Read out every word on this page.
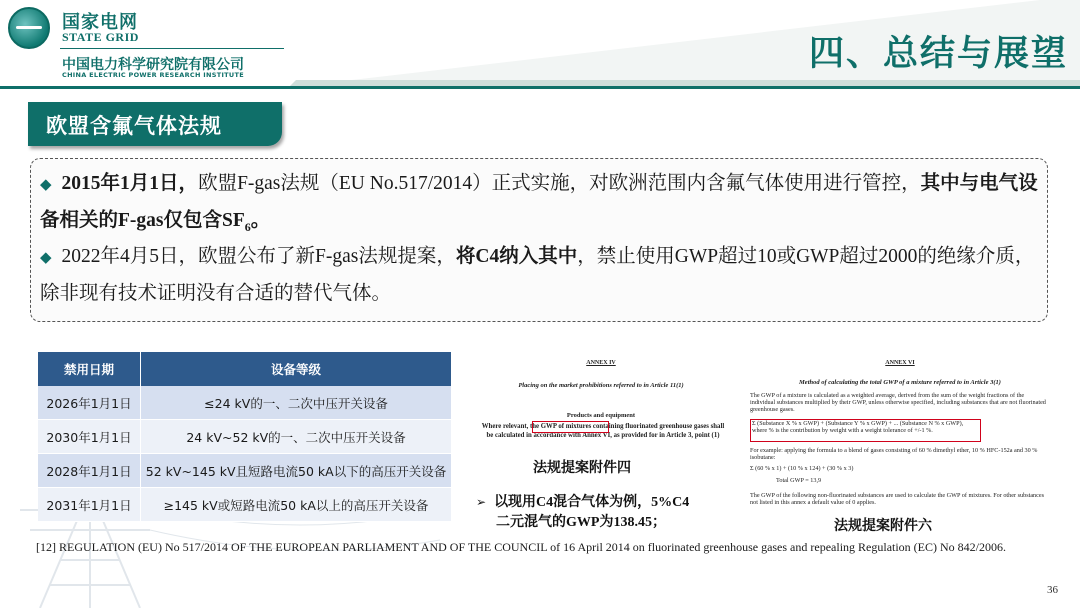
国家电网
STATE GRID
中国电力科学研究院有限公司
CHINA ELECTRIC POWER RESEARCH INSTITUTE
四、总结与展望
欧盟含氟气体法规
◆ 2015年1月1日，欧盟F-gas法规（EU No.517/2014）正式实施，对欧洲范围内含氟气体使用进行管控，其中与电气设备相关的F-gas仅包含$SF_6$。
◆ 2022年4月5日，欧盟公布了新F-gas法规提案，将C4纳入其中，禁止使用GWP超过10或GWP超过2000的绝缘介质，除非现有技术证明没有合适的替代气体。
禁用日期	设备等级
2026年1月1日	≤24 kV的一、二次中压开关设备
2030年1月1日	24 kV~52 kV的一、二次中压开关设备
2028年1月1日	52 kV~145 kV且短路电流50 kA以下的高压开关设备
2031年1月1日	≥145 kV或短路电流50 kA以上的高压开关设备
ANNEX IV
Placing on the market prohibitions referred to in Article 11(1)
Products and equipment
Where relevant, the GWP of mixtures containing fluorinated greenhouse gases shall be calculated in accordance with Annex VI, as provided for in Article 3, point (1)
法规提案附件四
➢ 以现用C4混合气体为例，5%C4
二元混气的GWP为138.45；
ANNEX VI
Method of calculating the total GWP of a mixture referred to in Article 3(1)
The GWP of a mixture is calculated as a weighted average, derived from the sum of the weight fractions of the individual substances multiplied by their GWP, unless otherwise specified, including substances that are not fluorinated greenhouse gases.
Σ (Substance X % x GWP) + (Substance Y % x GWP) + ... (Substance N % x GWP), where % is the contribution by weight with a weight tolerance of +/-1 %.
For example: applying the formula to a blend of gases consisting of 60 % dimethyl ether, 10 % HFC-152a and 30 % isobutane:
Σ (60 % x 1) + (10 % x 124) + (30 % x 3)
Total GWP = 13,9
The GWP of the following non-fluorinated substances are used to calculate the GWP of mixtures. For other substances not listed in this annex a default value of 0 applies.
法规提案附件六
[12] REGULATION (EU) No 517/2014 OF THE EUROPEAN PARLIAMENT AND OF THE COUNCIL of 16 April 2014 on fluorinated greenhouse gases and repealing Regulation (EC) No 842/2006.
36
